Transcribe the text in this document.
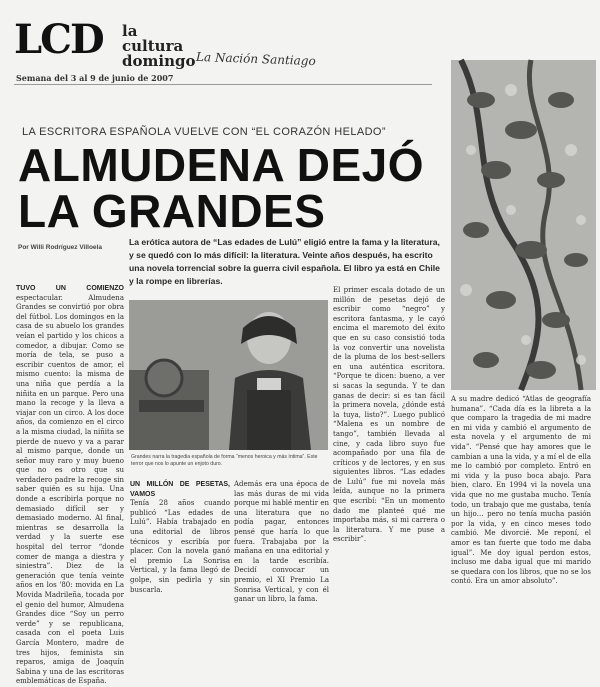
LCD la
cultura
domingo La Nación Santiago
Semana del 3 al 9 de junio de 2007
LA ESCRITORA ESPAÑOLA VUELVE CON “EL CORAZÓN HELADO”
ALMUDENA DEJÓ
LA GRANDES
Por Willi Rodríguez Villoela
La erótica autora de “Las edades de Lulú” eligió entre la fama y la literatura, y se quedó con lo más difícil: la literatura. Veinte años después, ha escrito una novela torrencial sobre la guerra civil española. El libro ya está en Chile y la rompe en librerías.
Grandes narra la tragedia española de forma “menos heroica y más íntima”. Este terror que nos lo apunte un enjoto duro.
TUVO UN COMIENZO espectacular. Almudena Grandes se convirtió por obra del fútbol. Los domingos en la casa de su abuelo los grandes veían el partido y los chicos a comedor, a dibujar. Como se moría de tela, se puso a escribir cuentos de amor, el mismo cuento: la misma de una niña que perdía a la niñita en un parque. Pero una mano la recoge y la lleva a viajar con un circo. A los doce años, da comienzo en el circo a la misma ciudad, la niñita se pierde de nuevo y va a parar al mismo parque, donde un señor muy raro y muy bueno que no es otro que su verdadero padre la recoge sin saber quién es su hija. Una donde a escribirla porque no demasiado difícil ser y demasiado moderno. Al final, mientras se desarrolla la verdad y la suerte ese hospital del terror “donde comer de manga a diestra y siniestra”. Diez de la generación que tenía veinte años en los '80: movida en La Movida Madrileña, tocada por el genio del humor, Almudena Grandes dice “Soy un perro verde” y se republicana, casada con el poeta Luis García Montero, madre de tres hijos, feminista sin reparos, amiga de Joaquín Sabina y una de las escritoras emblemáticas de España.
UN MILLÓN DE PESETAS, VAMOS
Tenía 28 años cuando publicó “Las edades de Lulú”. Había trabajado en una editorial de libros técnicos y escribía por placer. Con la novela ganó el premio La Sonrisa Vertical, y la fama llegó de golpe, sin pedirla y sin buscarla.
Además era una época de las más duras de mi vida porque mi hablé mentir en una literatura que no podía pagar, entonces pensé que haría lo que fuera. Trabajaba por la mañana en una editorial y en la tarde escribía. Decidí convocar un premio, el XI Premio La Sonrisa Vertical, y con él ganar un libro, la fama.
El primer escala dotado de un millón de pesetas dejó de escribir como “negro” y escritora fantasma, y le cayó encima el maremoto del éxito que en su caso consistió toda la voz convertir una novelista de la pluma de los best-sellers en una auténtica escritora. “Porque te dicen: bueno, a ver si sacas la segunda. Y te dan ganas de decir: si es tan fácil la primera novela, ¿dónde está la tuya, listo?”. Luego publicó “Malena es un nombre de tango”, también llevada al cine, y cada libro suyo fue acompañado por una fila de críticos y de lectores, y en sus siguientes libros. “Las edades de Lulú” fue mi novela más leída, aunque no la primera que escribí: “En un momento dado me planteé qué me importaba más, si mi carrera o la literatura. Y me puse a escribir”.
A su madre dedicó “Atlas de geografía humana”. “Cada día es la libreta a la que comparo la tragedia de mi madre en mi vida y cambió el argumento de esta novela y el argumento de mi vida”. “Pensé que hay amores que le cambian a una la vida, y a mí el de ella me lo cambió por completo. Entró en mi vida y la puso boca abajo. Para bien, claro. En 1994 vi la novela una vida que no me gustaba mucho. Tenía todo, un trabajo que me gustaba, tenía un hijo… pero no tenía mucha pasión por la vida, y en cinco meses todo cambió. Me divorcié. Me reponí, el amor es tan fuerte que todo me daba igual”. Me doy igual perdon estos, incluso me daba igual que mi marido se quedara con los libros, que no se los contó. Era un amor absoluto”.
